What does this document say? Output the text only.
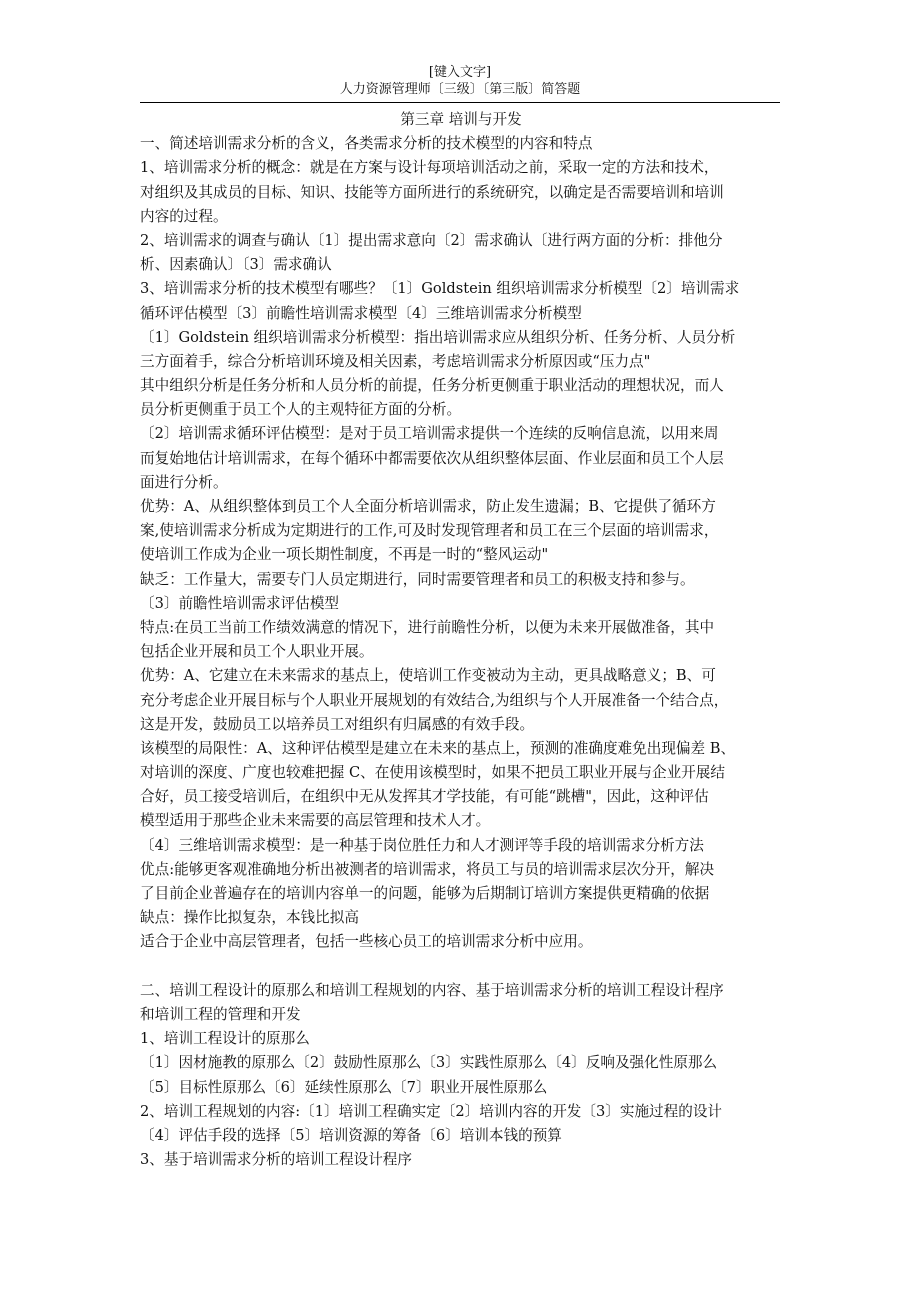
[键入文字]
人力资源管理师〔三级〕〔第三版〕简答题
第三章 培训与开发
一、简述培训需求分析的含义，各类需求分析的技术模型的内容和特点
1、培训需求分析的概念：就是在方案与设计每项培训活动之前，采取一定的方法和技术，
对组织及其成员的目标、知识、技能等方面所进行的系统研究，以确定是否需要培训和培训
内容的过程。
2、培训需求的调查与确认〔1〕提出需求意向〔2〕需求确认〔进行两方面的分析：排他分
析、因素确认〕〔3〕需求确认
3、培训需求分析的技术模型有哪些？〔1〕Goldstein 组织培训需求分析模型〔2〕培训需求
循环评估模型〔3〕前瞻性培训需求模型〔4〕三维培训需求分析模型
〔1〕Goldstein 组织培训需求分析模型：指出培训需求应从组织分析、任务分析、人员分析
三方面着手，综合分析培训环境及相关因素，考虑培训需求分析原因或“压力点"
其中组织分析是任务分析和人员分析的前提，任务分析更侧重于职业活动的理想状况，而人
员分析更侧重于员工个人的主观特征方面的分析。
〔2〕培训需求循环评估模型：是对于员工培训需求提供一个连续的反响信息流，以用来周
而复始地估计培训需求，在每个循环中都需要依次从组织整体层面、作业层面和员工个人层
面进行分析。
优势：A、从组织整体到员工个人全面分析培训需求，防止发生遗漏；B、它提供了循环方
案,使培训需求分析成为定期进行的工作,可及时发现管理者和员工在三个层面的培训需求，
使培训工作成为企业一项长期性制度，不再是一时的“整风运动"
缺乏：工作量大，需要专门人员定期进行，同时需要管理者和员工的积极支持和参与。
〔3〕前瞻性培训需求评估模型
特点:在员工当前工作绩效满意的情况下，进行前瞻性分析，以便为未来开展做准备，其中
包括企业开展和员工个人职业开展。
优势：A、它建立在未来需求的基点上，使培训工作变被动为主动，更具战略意义；B、可
充分考虑企业开展目标与个人职业开展规划的有效结合,为组织与个人开展准备一个结合点，
这是开发，鼓励员工以培养员工对组织有归属感的有效手段。
该模型的局限性：A、这种评估模型是建立在未来的基点上，预测的准确度难免出现偏差 B、
对培训的深度、广度也较难把握 C、在使用该模型时，如果不把员工职业开展与企业开展结
合好，员工接受培训后，在组织中无从发挥其才学技能，有可能“跳槽"，因此，这种评估
模型适用于那些企业未来需要的高层管理和技术人才。
〔4〕三维培训需求模型：是一种基于岗位胜任力和人才测评等手段的培训需求分析方法
优点:能够更客观准确地分析出被测者的培训需求，将员工与员的培训需求层次分开，解决
了目前企业普遍存在的培训内容单一的问题，能够为后期制订培训方案提供更精确的依据
缺点：操作比拟复杂，本钱比拟高
适合于企业中高层管理者，包括一些核心员工的培训需求分析中应用。
二、培训工程设计的原那么和培训工程规划的内容、基于培训需求分析的培训工程设计程序
和培训工程的管理和开发
1、培训工程设计的原那么
〔1〕因材施教的原那么〔2〕鼓励性原那么〔3〕实践性原那么〔4〕反响及强化性原那么
〔5〕目标性原那么〔6〕延续性原那么〔7〕职业开展性原那么
2、培训工程规划的内容:〔1〕培训工程确实定〔2〕培训内容的开发〔3〕实施过程的设计
〔4〕评估手段的选择〔5〕培训资源的筹备〔6〕培训本钱的预算
3、基于培训需求分析的培训工程设计程序
